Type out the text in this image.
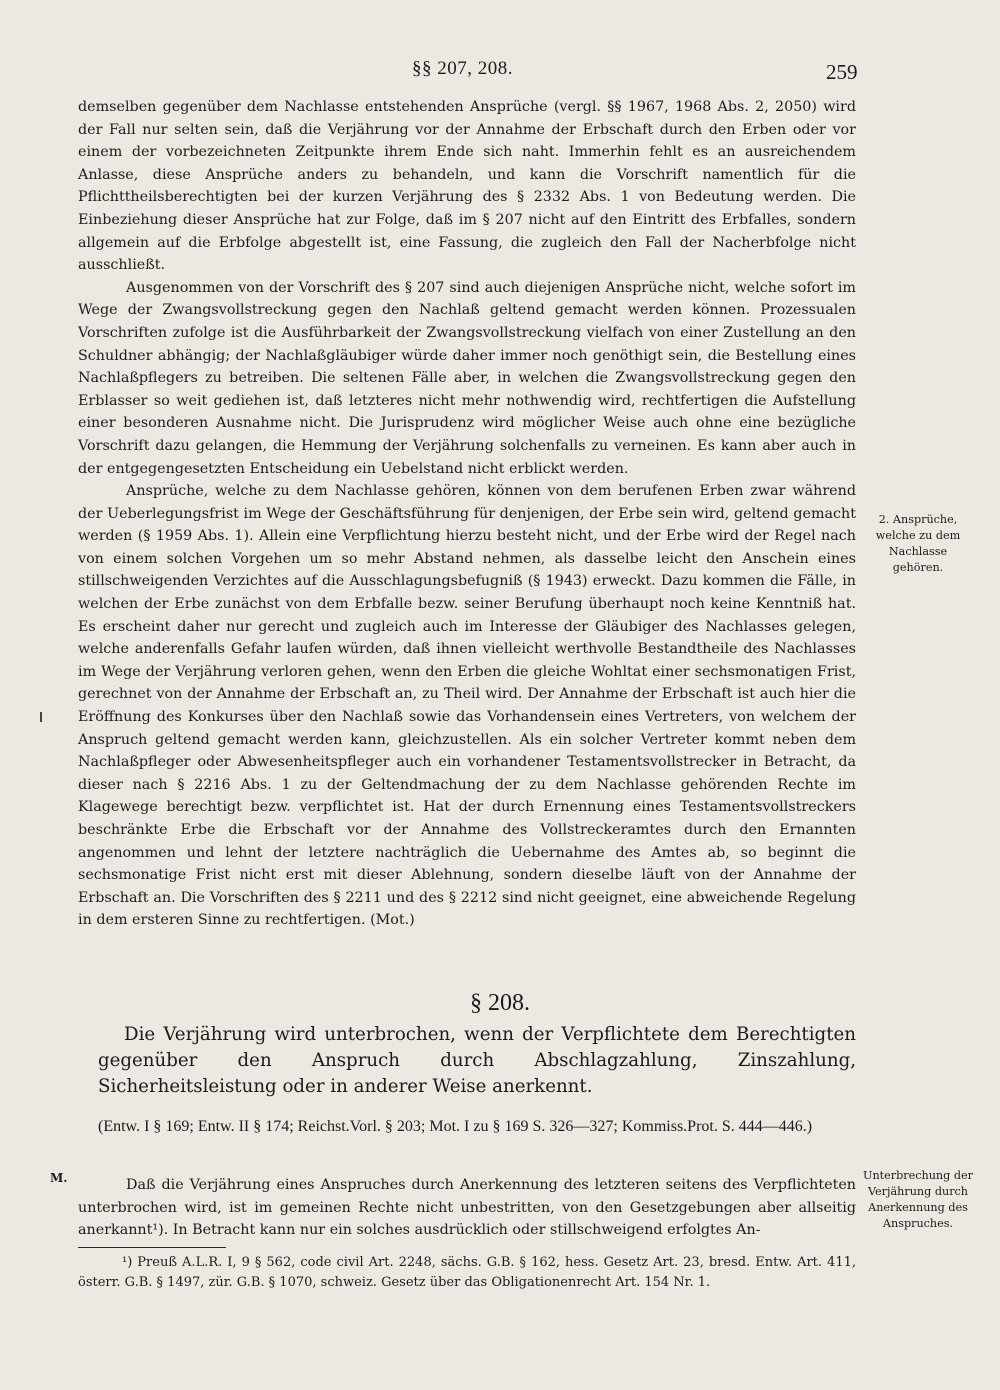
§§ 207, 208.	259

demselben gegenüber dem Nachlasse entstehenden Ansprüche (vergl. §§ 1967, 1968 Abs. 2, 2050) wird der Fall nur selten sein, daß die Verjährung vor der Annahme der Erbschaft durch den Erben oder vor einem der vorbezeichneten Zeitpunkte ihrem Ende sich naht. Immerhin fehlt es an ausreichendem Anlasse, diese Ansprüche anders zu behandeln, und kann die Vorschrift namentlich für die Pflichttheilsberechtigten bei der kurzen Verjährung des § 2332 Abs. 1 von Bedeutung werden. Die Einbeziehung dieser Ansprüche hat zur Folge, daß im § 207 nicht auf den Eintritt des Erbfalles, sondern allgemein auf die Erbfolge abgestellt ist, eine Fassung, die zugleich den Fall der Nacherbfolge nicht ausschließt.

Ausgenommen von der Vorschrift des § 207 sind auch diejenigen Ansprüche nicht, welche sofort im Wege der Zwangsvollstreckung gegen den Nachlaß geltend gemacht werden können. Prozessualen Vorschriften zufolge ist die Ausführbarkeit der Zwangsvollstreckung vielfach von einer Zustellung an den Schuldner abhängig; der Nachlaßgläubiger würde daher immer noch genöthigt sein, die Bestellung eines Nachlaßpflegers zu betreiben. Die seltenen Fälle aber, in welchen die Zwangsvollstreckung gegen den Erblasser so weit gediehen ist, daß letzteres nicht mehr nothwendig wird, rechtfertigen die Aufstellung einer besonderen Ausnahme nicht. Die Jurisprudenz wird möglicher Weise auch ohne eine bezügliche Vorschrift dazu gelangen, die Hemmung der Verjährung solchenfalls zu verneinen. Es kann aber auch in der entgegengesetzten Entscheidung ein Uebelstand nicht erblickt werden.

Ansprüche, welche zu dem Nachlasse gehören, können von dem berufenen Erben zwar während der Ueberlegungsfrist im Wege der Geschäftsführung für denjenigen, der Erbe sein wird, geltend gemacht werden (§ 1959 Abs. 1). Allein eine Verpflichtung hierzu besteht nicht, und der Erbe wird der Regel nach von einem solchen Vorgehen um so mehr Abstand nehmen, als dasselbe leicht den Anschein eines stillschweigenden Verzichtes auf die Ausschlagungsbefugniß (§ 1943) erweckt. Dazu kommen die Fälle, in welchen der Erbe zunächst von dem Erbfalle bezw. seiner Berufung überhaupt noch keine Kenntniß hat. Es erscheint daher nur gerecht und zugleich auch im Interesse der Gläubiger des Nachlasses gelegen, welche anderenfalls Gefahr laufen würden, daß ihnen vielleicht werthvolle Bestandtheile des Nachlasses im Wege der Verjährung verloren gehen, wenn den Erben die gleiche Wohltat einer sechsmonatigen Frist, gerechnet von der Annahme der Erbschaft an, zu Theil wird. Der Annahme der Erbschaft ist auch hier die Eröffnung des Konkurses über den Nachlaß sowie das Vorhandensein eines Vertreters, von welchem der Anspruch geltend gemacht werden kann, gleichzustellen. Als ein solcher Vertreter kommt neben dem Nachlaßpfleger oder Abwesenheitspfleger auch ein vorhandener Testamentsvollstrecker in Betracht, da dieser nach § 2216 Abs. 1 zu der Geltendmachung der zu dem Nachlasse gehörenden Rechte im Klagewege berechtigt bezw. verpflichtet ist. Hat der durch Ernennung eines Testamentsvollstreckers beschränkte Erbe die Erbschaft vor der Annahme des Vollstreckeramtes durch den Ernannten angenommen und lehnt der letztere nachträglich die Uebernahme des Amtes ab, so beginnt die sechsmonatige Frist nicht erst mit dieser Ablehnung, sondern dieselbe läuft von der Annahme der Erbschaft an. Die Vorschriften des § 2211 und des § 2212 sind nicht geeignet, eine abweichende Regelung in dem ersteren Sinne zu rechtfertigen. (Mot.)

2. Ansprüche, welche zu dem Nachlasse gehören.
§ 208.
Die Verjährung wird unterbrochen, wenn der Verpflichtete dem Berechtigten gegenüber den Anspruch durch Abschlagzahlung, Zinszahlung, Sicherheitsleistung oder in anderer Weise anerkennt.
(Entw. I § 169; Entw. II § 174; Reichst.Vorl. § 203; Mot. I zu § 169 S. 326—327; Kommiss.Prot. S. 444—446.)
M.	Daß die Verjährung eines Anspruches durch Anerkennung des letzteren seitens des Verpflichteten unterbrochen wird, ist im gemeinen Rechte nicht unbestritten, von den Gesetzgebungen aber allseitig anerkannt¹). In Betracht kann nur ein solches ausdrücklich oder stillschweigend erfolgtes An-
Unterbrechung der Verjährung durch Anerkennung des Anspruches.
¹) Preuß A.L.R. I, 9 § 562, code civil Art. 2248, sächs. G.B. § 162, hess. Gesetz Art. 23, bresd. Entw. Art. 411, österr. G.B. § 1497, zür. G.B. § 1070, schweiz. Gesetz über das Obligationenrecht Art. 154 Nr. 1.
